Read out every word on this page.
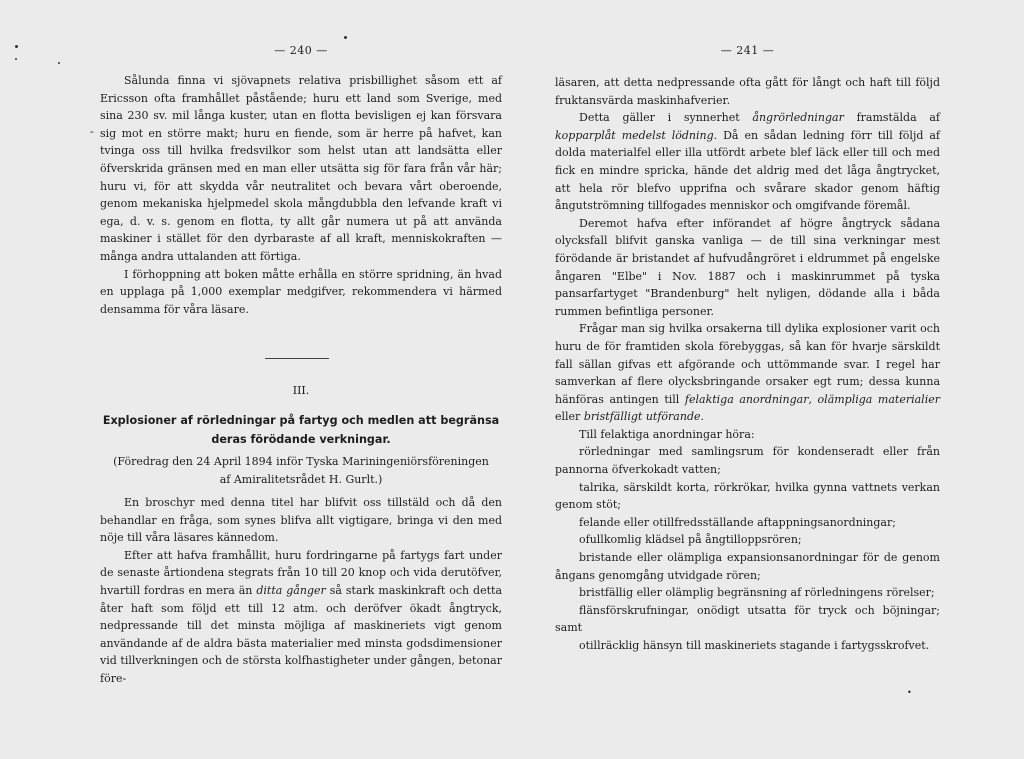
— 240 —

Sålunda finna vi sjövapnets relativa prisbillighet såsom ett af Ericsson ofta framhållet påstående; huru ett land som Sverige, med sina 230 sv. mil långa kuster, utan en flotta bevisligen ej kan försvara sig mot en större makt; huru en fiende, som är herre på hafvet, kan tvinga oss till hvilka fredsvilkor som helst utan att landsätta eller öfverskrida gränsen med en man eller utsätta sig för fara från vår här; huru vi, för att skydda vår neutralitet och bevara vårt oberoende, genom mekaniska hjelpmedel skola mångdubbla den lefvande kraft vi ega, d. v. s. genom en flotta, ty allt går numera ut på att använda maskiner i stället för den dyrbaraste af all kraft, menniskokraften — många andra uttalanden att förtiga.

I förhoppning att boken måtte erhålla en större spridning, än hvad en upplaga på 1,000 exemplar medgifver, rekommendera vi härmed densamma för våra läsare.

-
III.
Explosioner af rörledningar på fartyg och medlen att begränsa deras förödande verkningar.
(Föredrag den 24 April 1894 inför Tyska Mariningeniörsföreningen af Amiralitetsrådet H. Gurlt.)

En broschyr med denna titel har blifvit oss tillstäld och då den behandlar en fråga, som synes blifva allt vigtigare, bringa vi den med nöje till våra läsares kännedom.

Efter att hafva framhållit, huru fordringarne på fartygs fart under de senaste årtiondena stegrats från 10 till 20 knop och vida derutöfver, hvartill fordras en mera än ditta gånger så stark maskinkraft och detta åter haft som följd ett till 12 atm. och deröfver ökadt ångtryck, nedpressande till det minsta möjliga af maskineriets vigt genom användande af de aldra bästa materialier med minsta godsdimensioner vid tillverkningen och de största kolfhastigheter under gången, betonar före-

— 241 —

läsaren, att detta nedpressande ofta gått för långt och haft till följd fruktansvärda maskinhafverier.

Detta gäller i synnerhet ångrörledningar framstälda af kopparplåt medelst lödning. Då en sådan ledning förr till följd af dolda materialfel eller illa utfördt arbete blef läck eller till och med fick en mindre spricka, hände det aldrig med det låga ångtrycket, att hela rör blefvo upprifna och svårare skador genom häftig ångutströmning tillfogades menniskor och omgifvande föremål.

Deremot hafva efter införandet af högre ångtryck sådana olycksfall blifvit ganska vanliga — de till sina verkningar mest förödande är bristandet af hufvudångröret i eldrummet på engelske ångaren "Elbe" i Nov. 1887 och i maskinrummet på tyska pansarfartyget "Brandenburg" helt nyligen, dödande alla i båda rummen befintliga personer.

Frågar man sig hvilka orsakerna till dylika explosioner varit och huru de för framtiden skola förebyggas, så kan för hvarje särskildt fall sällan gifvas ett afgörande och uttömmande svar. I regel har samverkan af flere olycksbringande orsaker egt rum; dessa kunna hänföras antingen till felaktiga anordningar, olämpliga materialier eller bristfälligt utförande.

Till felaktiga anordningar höra:

rörledningar med samlingsrum för kondenseradt eller från pannorna öfverkokadt vatten;

talrika, särskildt korta, rörkrökar, hvilka gynna vattnets verkan genom stöt;

felande eller otillfredsställande aftappningsanordningar;

ofullkomlig klädsel på ångtilloppsrören;

bristande eller olämpliga expansionsanordningar för de genom ångans genomgång utvidgade rören;

bristfällig eller olämplig begränsning af rörledningens rörelser;

flänsförskrufningar, onödigt utsatta för tryck och böjningar; samt

otillräcklig hänsyn till maskineriets stagande i fartygsskrofvet.

•
